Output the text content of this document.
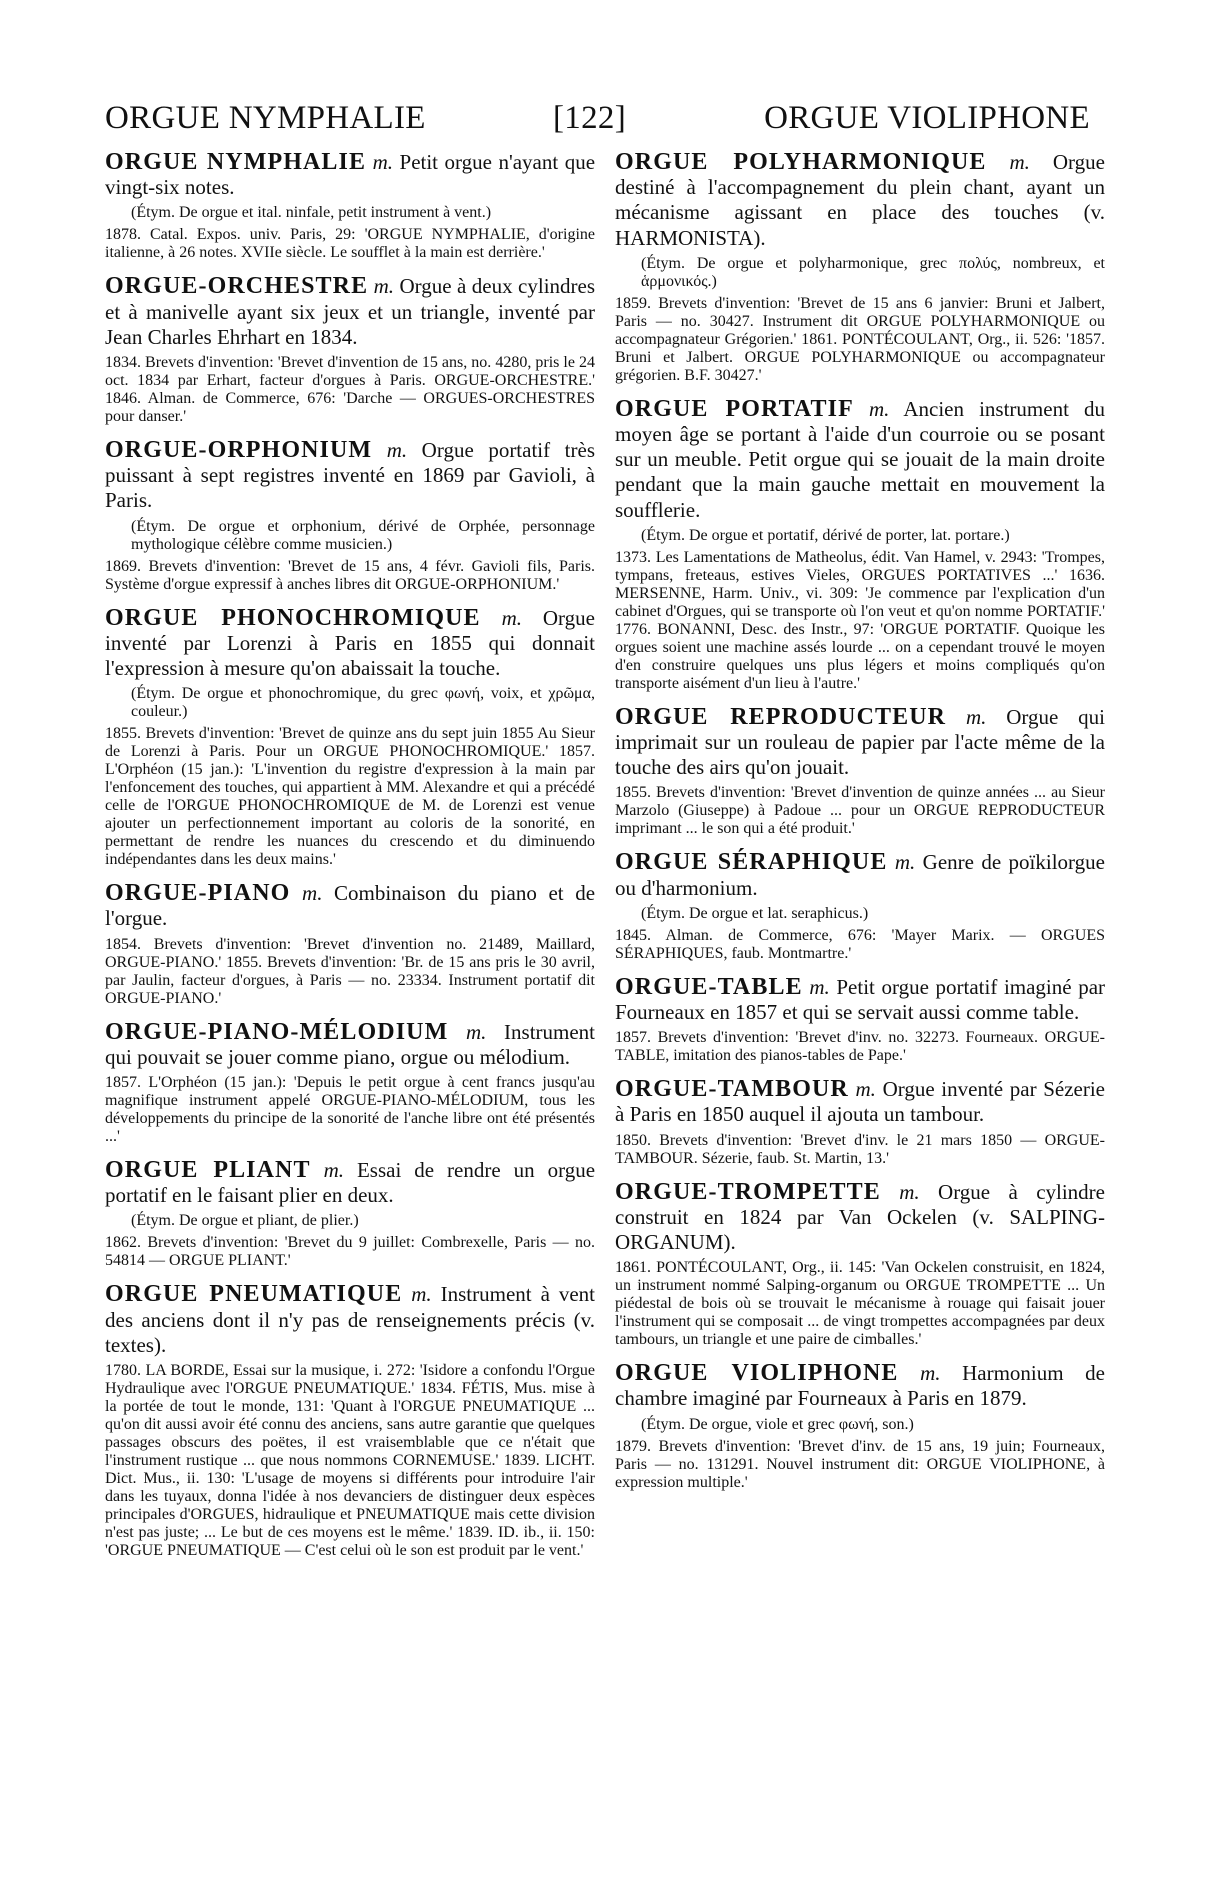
ORGUE NYMPHALIE	[122]	ORGUE VIOLIPHONE

ORGUE NYMPHALIE m. Petit orgue n'ayant que vingt-six notes.

(Étym. De orgue et ital. ninfale, petit instrument à vent.)

1878. Catal. Expos. univ. Paris, 29: 'ORGUE NYMPHALIE, d'origine italienne, à 26 notes. XVIIe siècle. Le soufflet à la main est derrière.'

ORGUE-ORCHESTRE m. Orgue à deux cylindres et à manivelle ayant six jeux et un triangle, inventé par Jean Charles Ehrhart en 1834.

1834. Brevets d'invention: 'Brevet d'invention de 15 ans, no. 4280, pris le 24 oct. 1834 par Erhart, facteur d'orgues à Paris. ORGUE-ORCHESTRE.' 1846. Alman. de Commerce, 676: 'Darche — ORGUES-ORCHESTRES pour danser.'

ORGUE-ORPHONIUM m. Orgue portatif très puissant à sept registres inventé en 1869 par Gavioli, à Paris.

(Étym. De orgue et orphonium, dérivé de Orphée, personnage mythologique célèbre comme musicien.)

1869. Brevets d'invention: 'Brevet de 15 ans, 4 févr. Gavioli fils, Paris. Système d'orgue expressif à anches libres dit ORGUE-ORPHONIUM.'

ORGUE PHONOCHROMIQUE m. Orgue inventé par Lorenzi à Paris en 1855 qui donnait l'expression à mesure qu'on abaissait la touche.

(Étym. De orgue et phonochromique, du grec φωνή, voix, et χρῶμα, couleur.)

1855. Brevets d'invention: 'Brevet de quinze ans du sept juin 1855 Au Sieur de Lorenzi à Paris. Pour un ORGUE PHONOCHROMIQUE.' 1857. L'Orphéon (15 jan.): 'L'invention du registre d'expression à la main par l'enfoncement des touches, qui appartient à MM. Alexandre et qui a précédé celle de l'ORGUE PHONOCHROMIQUE de M. de Lorenzi est venue ajouter un perfectionnement important au coloris de la sonorité, en permettant de rendre les nuances du crescendo et du diminuendo indépendantes dans les deux mains.'

ORGUE-PIANO m. Combinaison du piano et de l'orgue.

1854. Brevets d'invention: 'Brevet d'invention no. 21489, Maillard, ORGUE-PIANO.' 1855. Brevets d'invention: 'Br. de 15 ans pris le 30 avril, par Jaulin, facteur d'orgues, à Paris — no. 23334. Instrument portatif dit ORGUE-PIANO.'

ORGUE-PIANO-MÉLODIUM m. Instrument qui pouvait se jouer comme piano, orgue ou mélodium.

1857. L'Orphéon (15 jan.): 'Depuis le petit orgue à cent francs jusqu'au magnifique instrument appelé ORGUE-PIANO-MÉLODIUM, tous les développements du principe de la sonorité de l'anche libre ont été présentés ...'

ORGUE PLIANT m. Essai de rendre un orgue portatif en le faisant plier en deux.

(Étym. De orgue et pliant, de plier.)

1862. Brevets d'invention: 'Brevet du 9 juillet: Combrexelle, Paris — no. 54814 — ORGUE PLIANT.'

ORGUE PNEUMATIQUE m. Instrument à vent des anciens dont il n'y pas de renseignements précis (v. textes).

1780. LA BORDE, Essai sur la musique, i. 272: 'Isidore a confondu l'Orgue Hydraulique avec l'ORGUE PNEUMATIQUE.' 1834. FÉTIS, Mus. mise à la portée de tout le monde, 131: 'Quant à l'ORGUE PNEUMATIQUE ... qu'on dit aussi avoir été connu des anciens, sans autre garantie que quelques passages obscurs des poëtes, il est vraisemblable que ce n'était que l'instrument rustique ... que nous nommons CORNEMUSE.' 1839. LICHT. Dict. Mus., ii. 130: 'L'usage de moyens si différents pour introduire l'air dans les tuyaux, donna l'idée à nos devanciers de distinguer deux espèces principales d'ORGUES, hidraulique et PNEUMATIQUE mais cette division n'est pas juste; ... Le but de ces moyens est le même.' 1839. ID. ib., ii. 150: 'ORGUE PNEUMATIQUE — C'est celui où le son est produit par le vent.'

ORGUE POLYHARMONIQUE m. Orgue destiné à l'accompagnement du plein chant, ayant un mécanisme agissant en place des touches (v. HARMONISTA).

(Étym. De orgue et polyharmonique, grec πολύς, nombreux, et ἁρμονικός.)

1859. Brevets d'invention: 'Brevet de 15 ans 6 janvier: Bruni et Jalbert, Paris — no. 30427. Instrument dit ORGUE POLYHARMONIQUE ou accompagnateur Grégorien.' 1861. PONTÉCOULANT, Org., ii. 526: '1857. Bruni et Jalbert. ORGUE POLYHARMONIQUE ou accompagnateur grégorien. B.F. 30427.'

ORGUE PORTATIF m. Ancien instrument du moyen âge se portant à l'aide d'un courroie ou se posant sur un meuble. Petit orgue qui se jouait de la main droite pendant que la main gauche mettait en mouvement la soufflerie.

(Étym. De orgue et portatif, dérivé de porter, lat. portare.)

1373. Les Lamentations de Matheolus, édit. Van Hamel, v. 2943: 'Trompes, tympans, freteaus, estives Vieles, ORGUES PORTATIVES ...' 1636. MERSENNE, Harm. Univ., vi. 309: 'Je commence par l'explication d'un cabinet d'Orgues, qui se transporte où l'on veut et qu'on nomme PORTATIF.' 1776. BONANNI, Desc. des Instr., 97: 'ORGUE PORTATIF. Quoique les orgues soient une machine assés lourde ... on a cependant trouvé le moyen d'en construire quelques uns plus légers et moins compliqués qu'on transporte aisément d'un lieu à l'autre.'

ORGUE REPRODUCTEUR m. Orgue qui imprimait sur un rouleau de papier par l'acte même de la touche des airs qu'on jouait.

1855. Brevets d'invention: 'Brevet d'invention de quinze années ... au Sieur Marzolo (Giuseppe) à Padoue ... pour un ORGUE REPRODUCTEUR imprimant ... le son qui a été produit.'

ORGUE SÉRAPHIQUE m. Genre de poïkilorgue ou d'harmonium.

(Étym. De orgue et lat. seraphicus.)

1845. Alman. de Commerce, 676: 'Mayer Marix. — ORGUES SÉRAPHIQUES, faub. Montmartre.'

ORGUE-TABLE m. Petit orgue portatif imaginé par Fourneaux en 1857 et qui se servait aussi comme table.

1857. Brevets d'invention: 'Brevet d'inv. no. 32273. Fourneaux. ORGUE-TABLE, imitation des pianos-tables de Pape.'

ORGUE-TAMBOUR m. Orgue inventé par Sézerie à Paris en 1850 auquel il ajouta un tambour.

1850. Brevets d'invention: 'Brevet d'inv. le 21 mars 1850 — ORGUE-TAMBOUR. Sézerie, faub. St. Martin, 13.'

ORGUE-TROMPETTE m. Orgue à cylindre construit en 1824 par Van Ockelen (v. SALPING-ORGANUM).

1861. PONTÉCOULANT, Org., ii. 145: 'Van Ockelen construisit, en 1824, un instrument nommé Salping-organum ou ORGUE TROMPETTE ... Un piédestal de bois où se trouvait le mécanisme à rouage qui faisait jouer l'instrument qui se composait ... de vingt trompettes accompagnées par deux tambours, un triangle et une paire de cimballes.'

ORGUE VIOLIPHONE m. Harmonium de chambre imaginé par Fourneaux à Paris en 1879.

(Étym. De orgue, viole et grec φωνή, son.)

1879. Brevets d'invention: 'Brevet d'inv. de 15 ans, 19 juin; Fourneaux, Paris — no. 131291. Nouvel instrument dit: ORGUE VIOLIPHONE, à expression multiple.'
